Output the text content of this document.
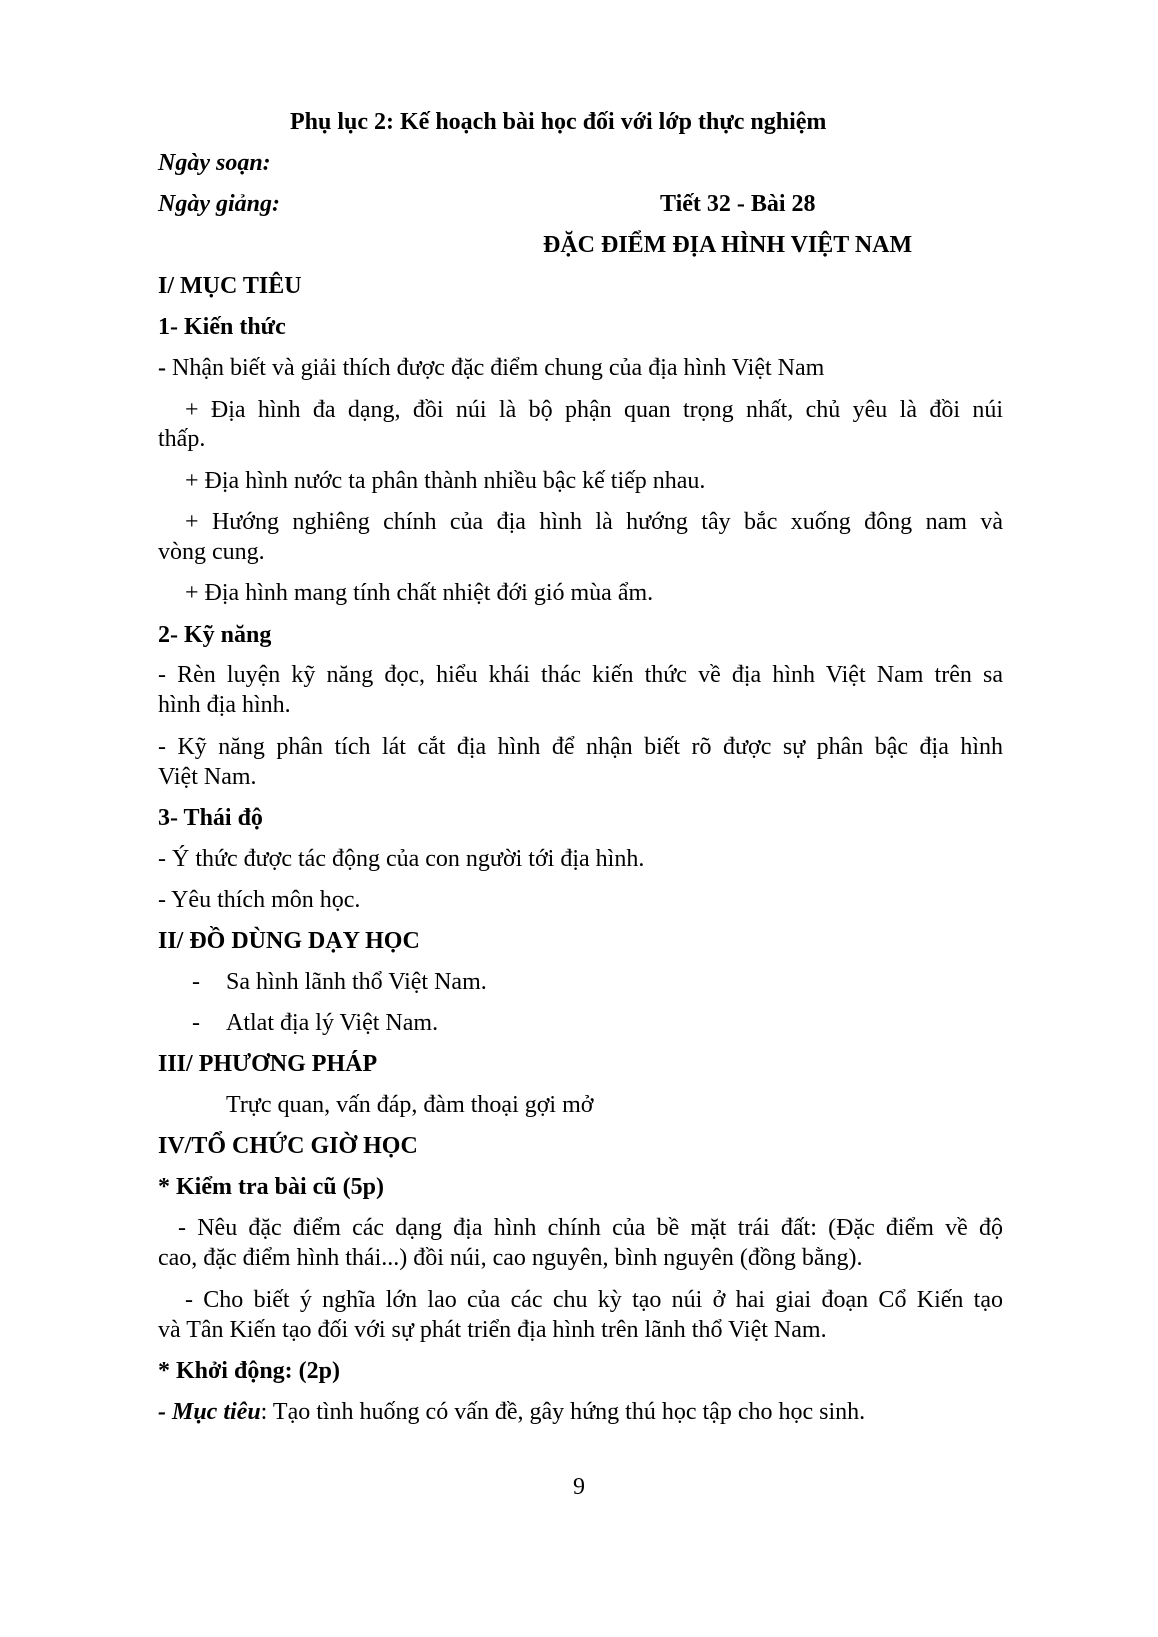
Phụ lục 2: Kế hoạch bài học đối với lớp thực nghiệm
Ngày soạn:
Ngày giảng:	Tiết 32 - Bài 28
ĐẶC ĐIỂM ĐỊA HÌNH VIỆT NAM
I/ MỤC TIÊU
1- Kiến thức
- Nhận biết và giải thích được đặc điểm chung của địa hình Việt Nam
+ Địa hình đa dạng, đồi núi là bộ phận quan trọng nhất, chủ yêu là đồi núi
thấp.
+ Địa hình nước ta phân thành nhiều bậc kế tiếp nhau.
+ Hướng nghiêng chính của địa hình là hướng tây bắc xuống đông nam và
vòng cung.
+ Địa hình mang tính chất nhiệt đới gió mùa ẩm.
2- Kỹ năng
- Rèn luyện kỹ năng đọc, hiểu khái thác kiến thức về địa hình Việt Nam trên sa
hình địa hình.
- Kỹ năng phân tích lát cắt địa hình để nhận biết rõ được sự phân bậc địa hình
Việt Nam.
3- Thái độ
- Ý thức được tác động của con người tới địa hình.
- Yêu thích môn học.
II/ ĐỒ DÙNG DẠY HỌC
- Sa hình lãnh thổ Việt Nam.
- Atlat địa lý Việt Nam.
III/ PHƯƠNG PHÁP
Trực quan, vấn đáp, đàm thoại gợi mở
IV/TỔ CHỨC GIỜ HỌC
* Kiểm tra bài cũ (5p)
- Nêu đặc điểm các dạng địa hình chính của bề mặt trái đất: (Đặc điểm về độ
cao, đặc điểm hình thái...) đồi núi, cao nguyên, bình nguyên (đồng bằng).
- Cho biết ý nghĩa lớn lao của các chu kỳ tạo núi ở hai giai đoạn Cổ Kiến tạo
và Tân Kiến tạo đối với sự phát triển địa hình trên lãnh thổ Việt Nam.
* Khởi động: (2p)
- Mục tiêu: Tạo tình huống có vấn đề, gây hứng thú học tập cho học sinh.
9
